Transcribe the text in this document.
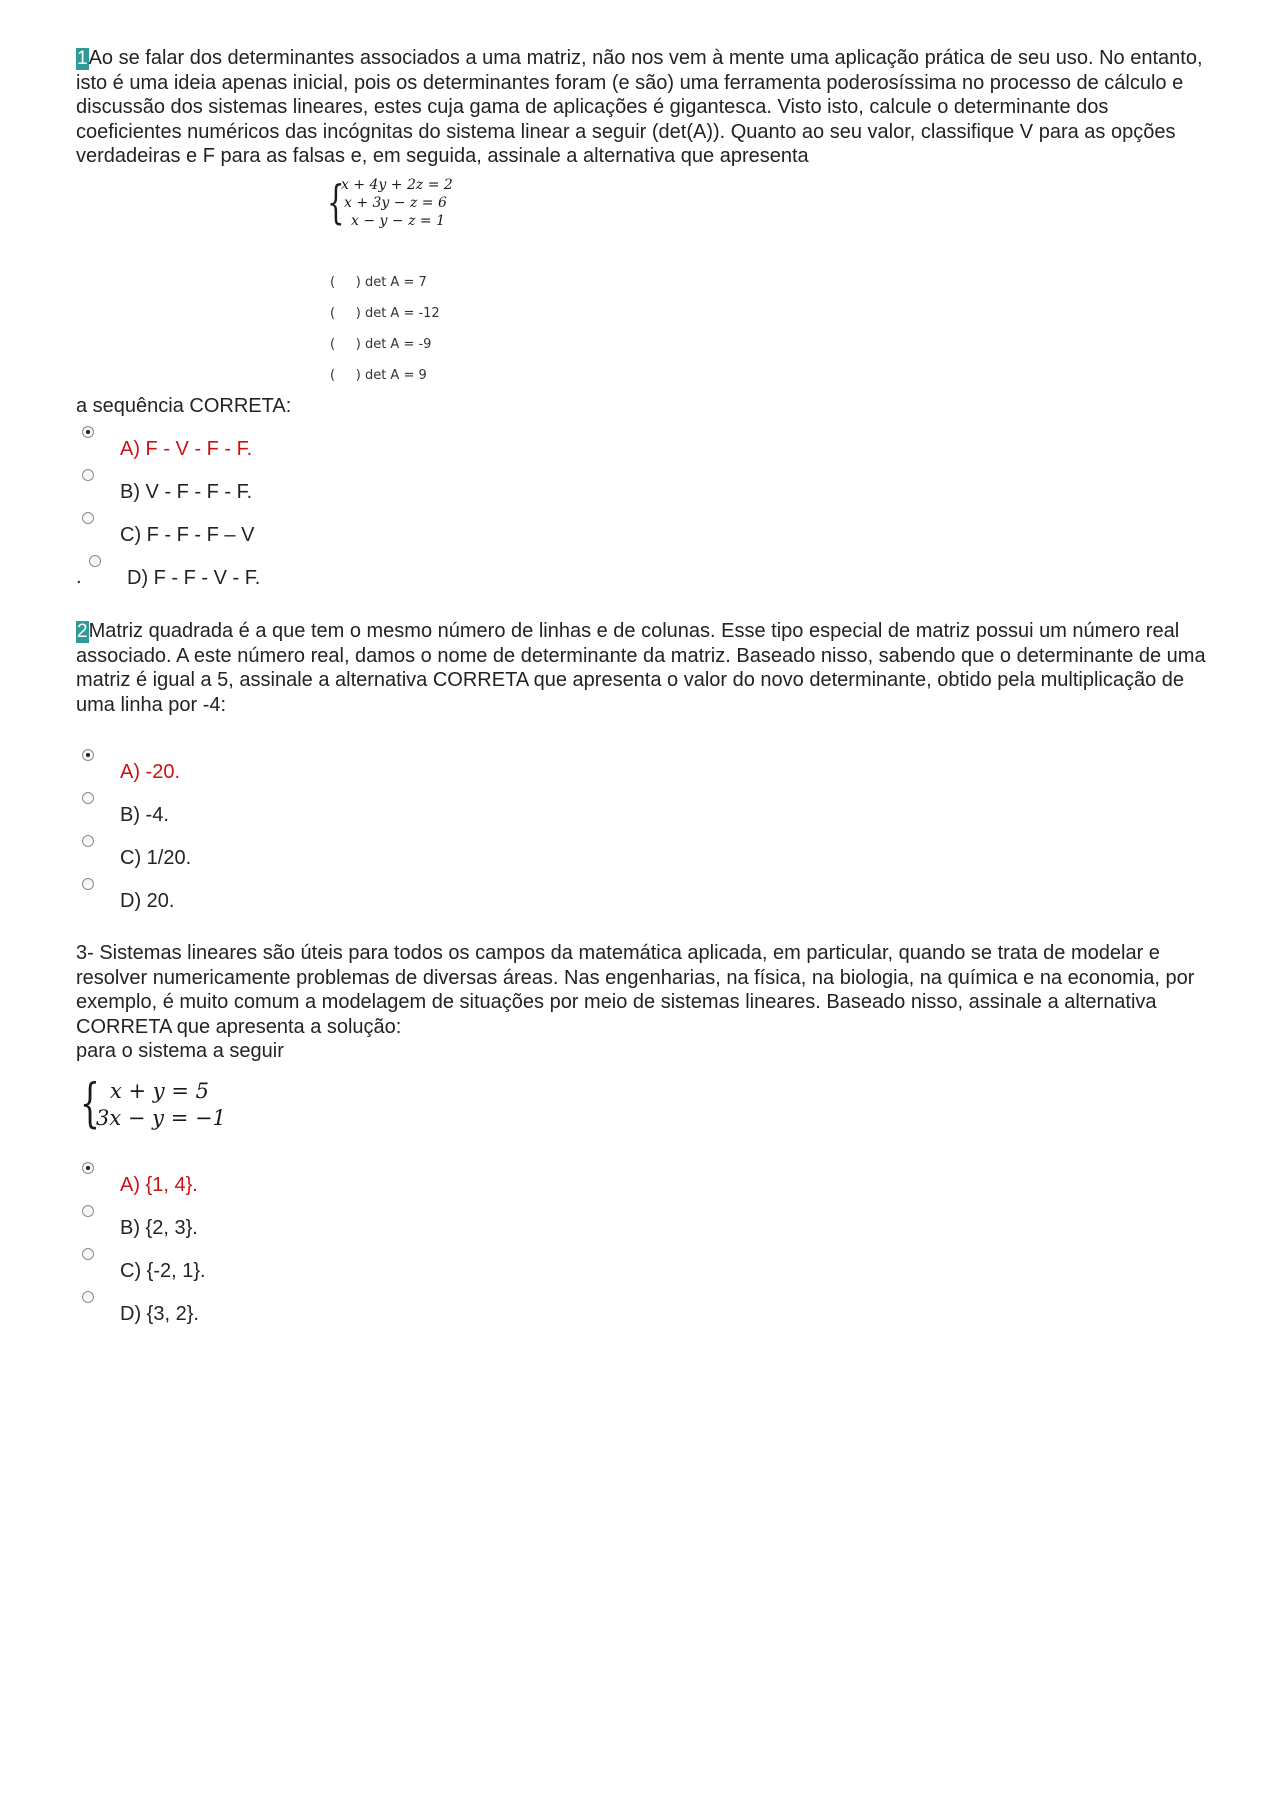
1Ao se falar dos determinantes associados a uma matriz, não nos vem à mente uma aplicação prática de seu uso. No entanto, isto é uma ideia apenas inicial, pois os determinantes foram (e são) uma ferramenta poderosíssima no processo de cálculo e discussão dos sistemas lineares, estes cuja gama de aplicações é gigantesca. Visto isto, calcule o determinante dos coeficientes numéricos das incógnitas do sistema linear a seguir (det(A)). Quanto ao seu valor, classifique V para as opções verdadeiras e F para as falsas e, em seguida, assinale a alternativa que apresenta
{
x + 4y + 2z = 2
x + 3y − z = 6
x − y − z = 1
(     ) det A = 7
(     ) det A = -12
(     ) det A = -9
(     ) det A = 9
a sequência CORRETA:
A) F - V - F - F.
B) V - F - F - F.
C) F - F - F – V
. D) F - F - V - F.
2Matriz quadrada é a que tem o mesmo número de linhas e de colunas. Esse tipo especial de matriz possui um número real associado. A este número real, damos o nome de determinante da matriz. Baseado nisso, sabendo que o determinante de uma matriz é igual a 5, assinale a alternativa CORRETA que apresenta o valor do novo determinante, obtido pela multiplicação de uma linha por -4:
A) -20.
B) -4.
C) 1/20.
D) 20.
3- Sistemas lineares são úteis para todos os campos da matemática aplicada, em particular, quando se trata de modelar e resolver numericamente problemas de diversas áreas. Nas engenharias, na física, na biologia, na química e na economia, por exemplo, é muito comum a modelagem de situações por meio de sistemas lineares. Baseado nisso, assinale a alternativa CORRETA que apresenta a solução:
para o sistema a seguir
{ x + y = 5
3x − y = −1
A) {1, 4}.
B) {2, 3}.
C) {-2, 1}.
D) {3, 2}.
